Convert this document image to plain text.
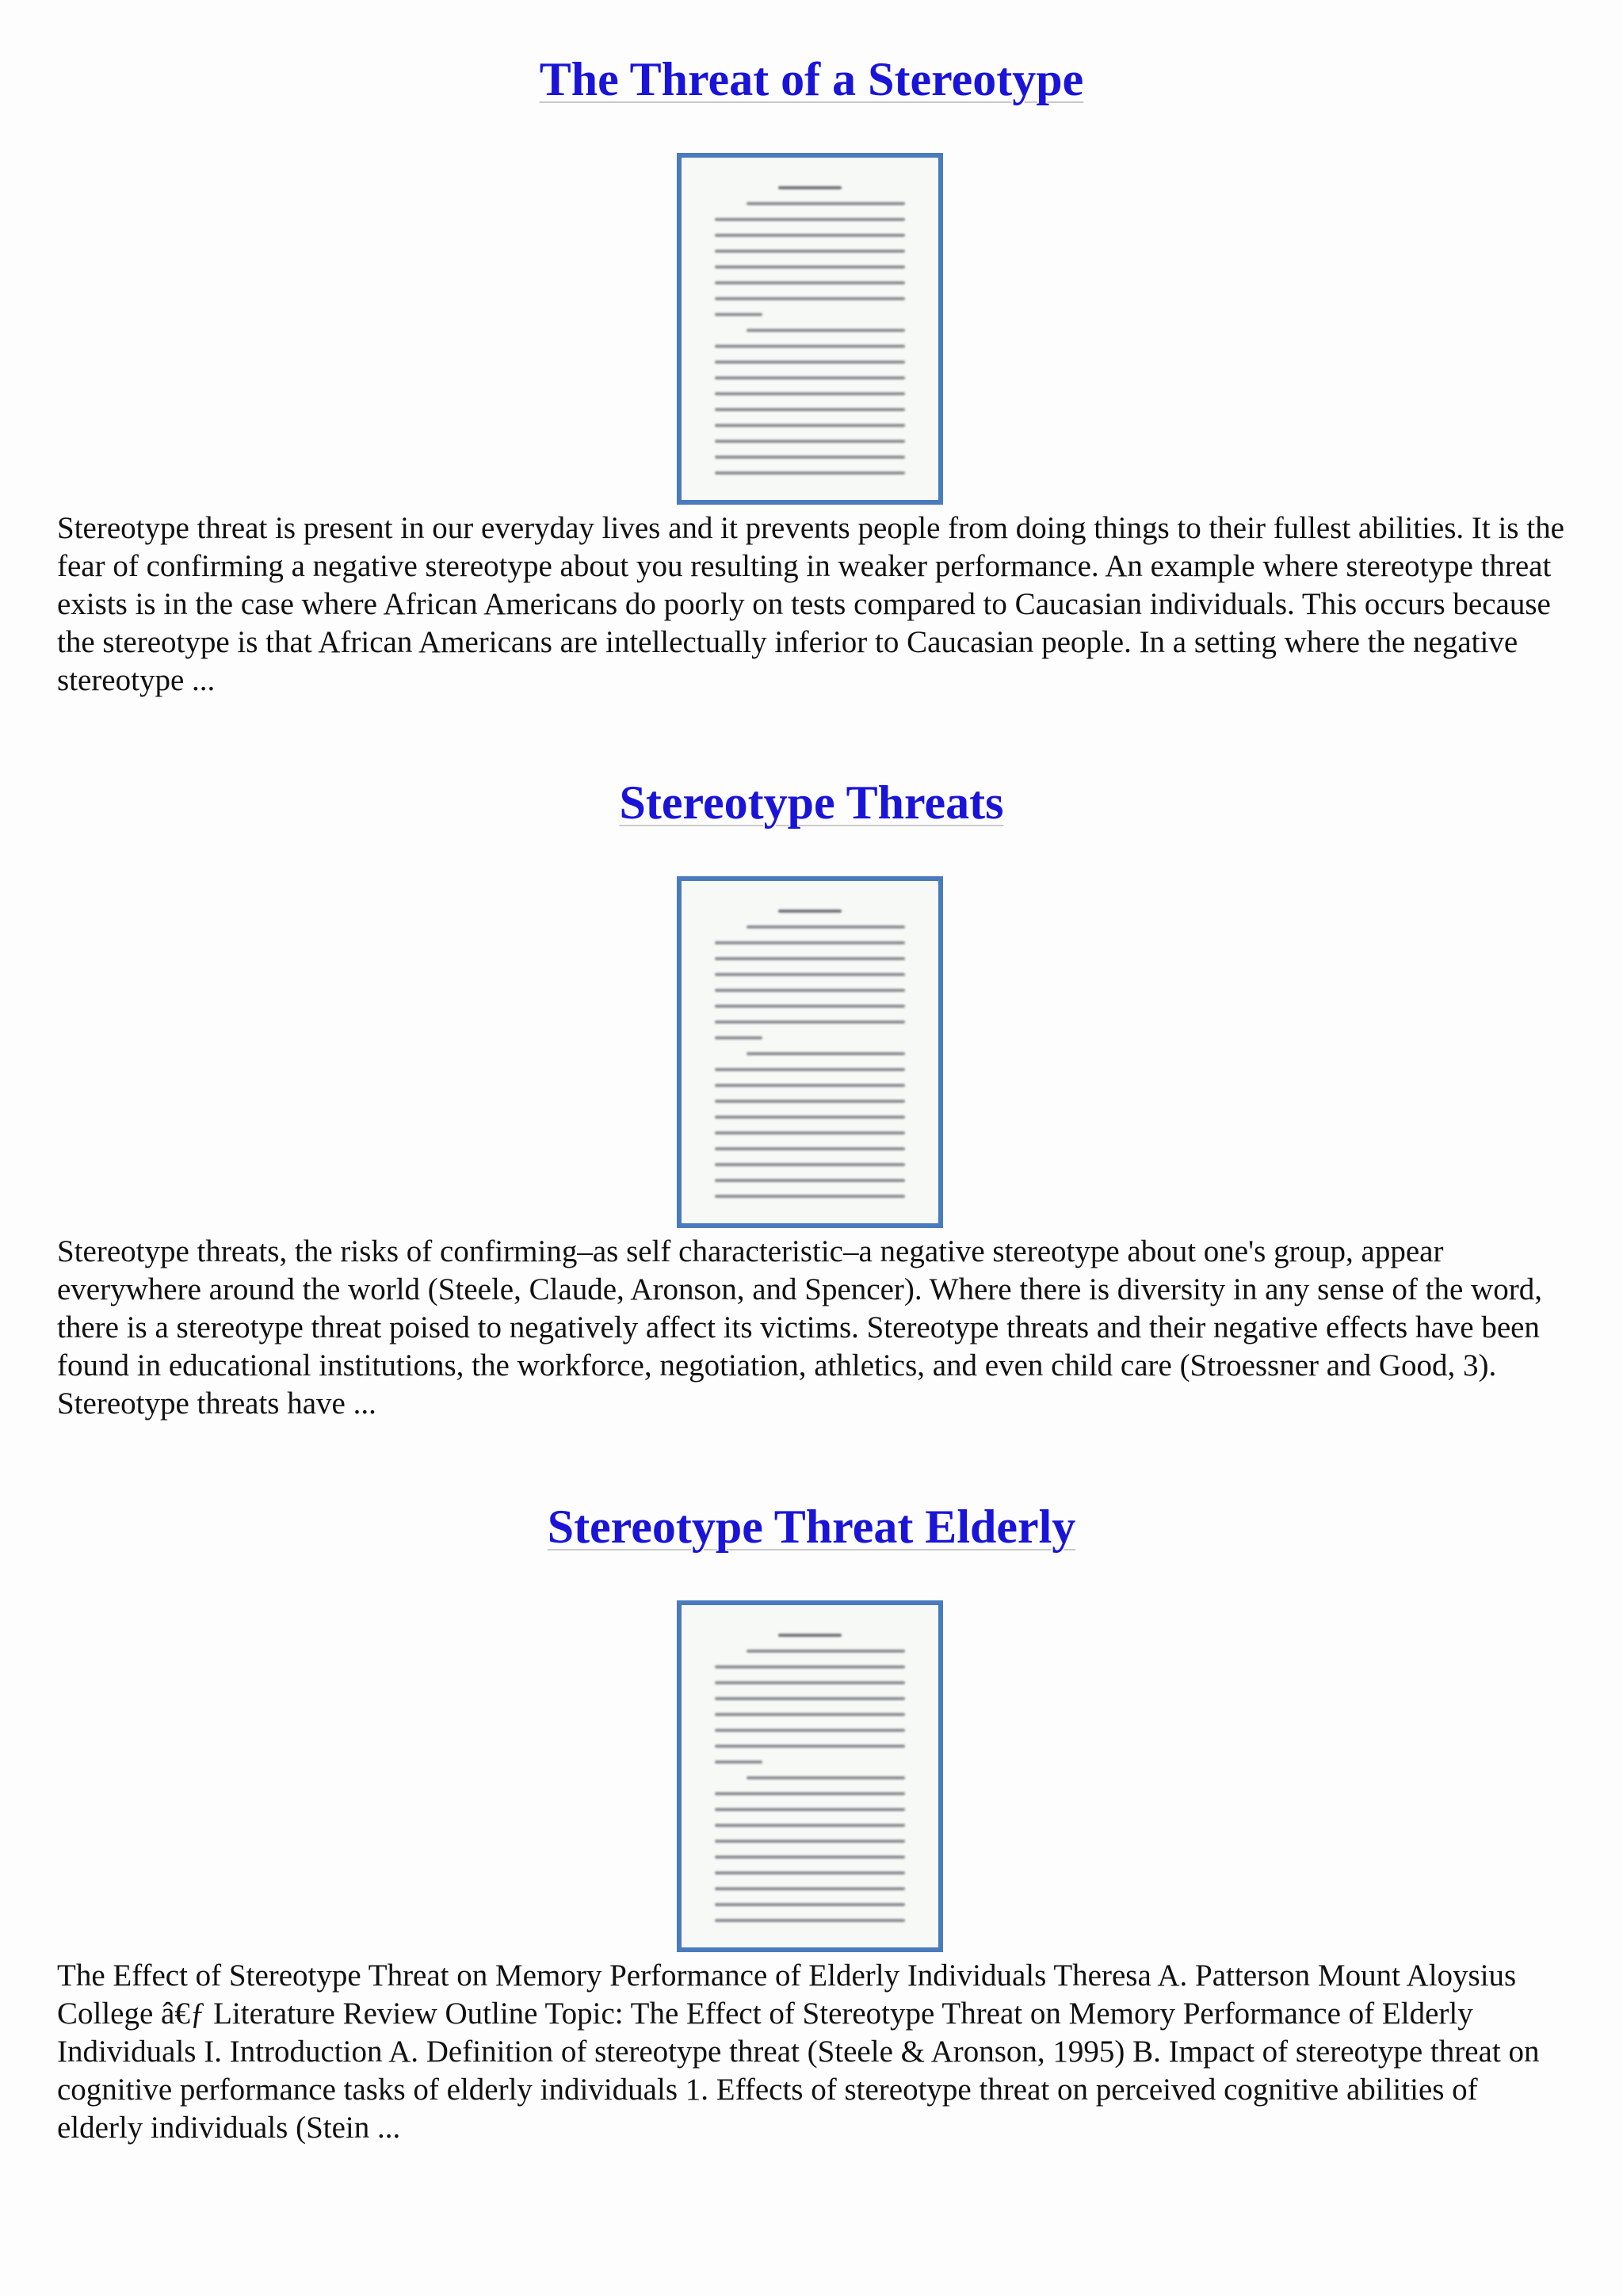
The Threat of a Stereotype

Stereotype threat is present in our everyday lives and it prevents people from doing things to their fullest abilities. It is the fear of confirming a negative stereotype about you resulting in weaker performance. An example where stereotype threat exists is in the case where African Americans do poorly on tests compared to Caucasian individuals. This occurs because the stereotype is that African Americans are intellectually inferior to Caucasian people. In a setting where the negative stereotype ...

Stereotype Threats

Stereotype threats, the risks of confirming–as self characteristic–a negative stereotype about one's group, appear everywhere around the world (Steele, Claude, Aronson, and Spencer). Where there is diversity in any sense of the word, there is a stereotype threat poised to negatively affect its victims. Stereotype threats and their negative effects have been found in educational institutions, the workforce, negotiation, athletics, and even child care (Stroessner and Good, 3). Stereotype threats have ...

Stereotype Threat Elderly

The Effect of Stereotype Threat on Memory Performance of Elderly Individuals Theresa A. Patterson Mount Aloysius College â€ƒ Literature Review Outline Topic: The Effect of Stereotype Threat on Memory Performance of Elderly Individuals I. Introduction A. Definition of stereotype threat (Steele & Aronson, 1995) B. Impact of stereotype threat on cognitive performance tasks of elderly individuals 1. Effects of stereotype threat on perceived cognitive abilities of elderly individuals (Stein ...
